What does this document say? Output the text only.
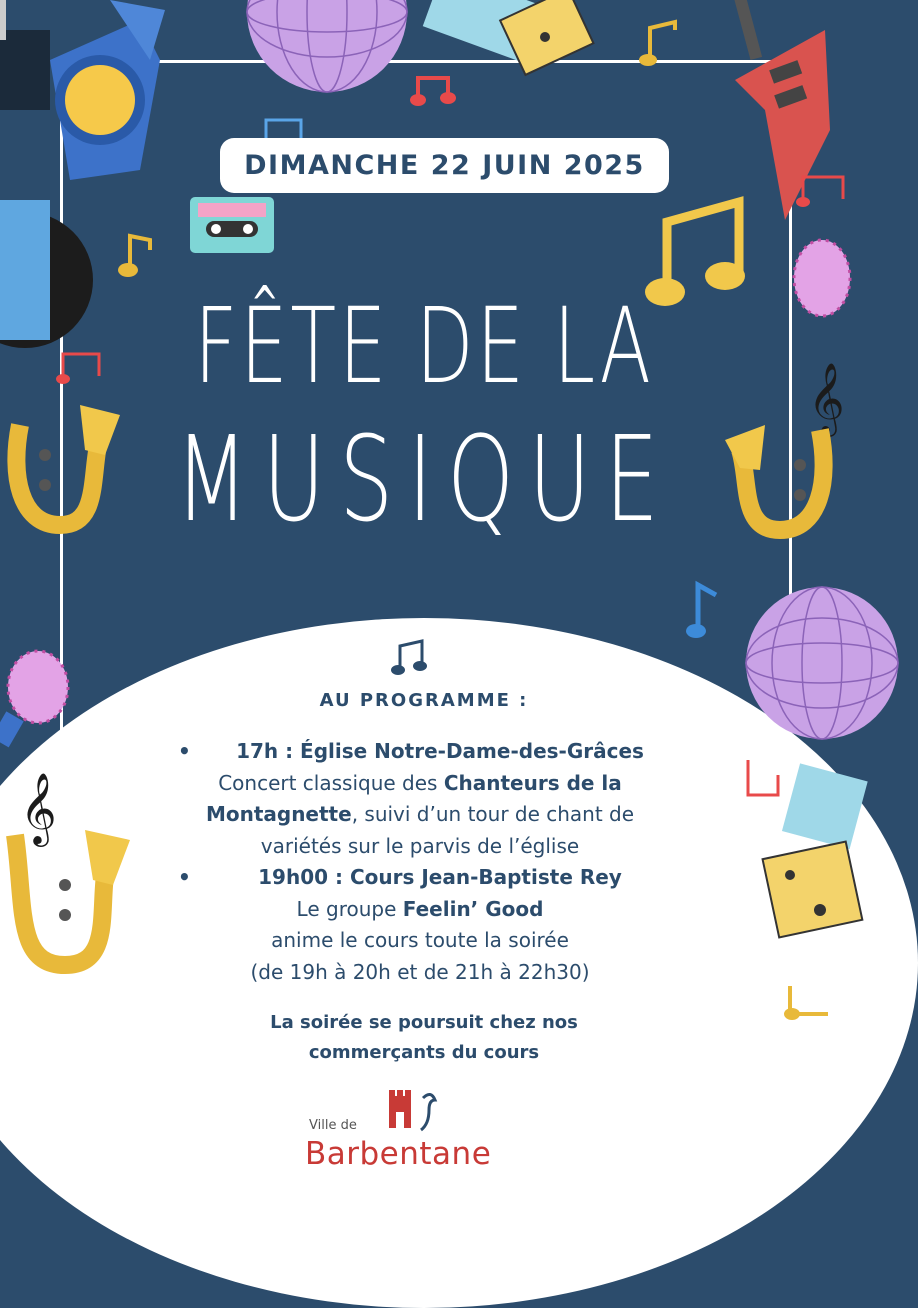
𝄞
FÊTE DE LA
MUSIQUE
DIMANCHE 22 JUIN 2025
𝄞
AU PROGRAMME :
• 17h : Église Notre-Dame-des-Grâces
Concert classique des Chanteurs de la
Montagnette, suivi d’un tour de chant de
variétés sur le parvis de l’église
•	19h00 : Cours Jean-Baptiste Rey
Le groupe Feelin’ Good
anime le cours toute la soirée
(de 19h à 20h et de 21h à 22h30)
La soirée se poursuit chez nos
commerçants du cours
Ville de
Barbentane
